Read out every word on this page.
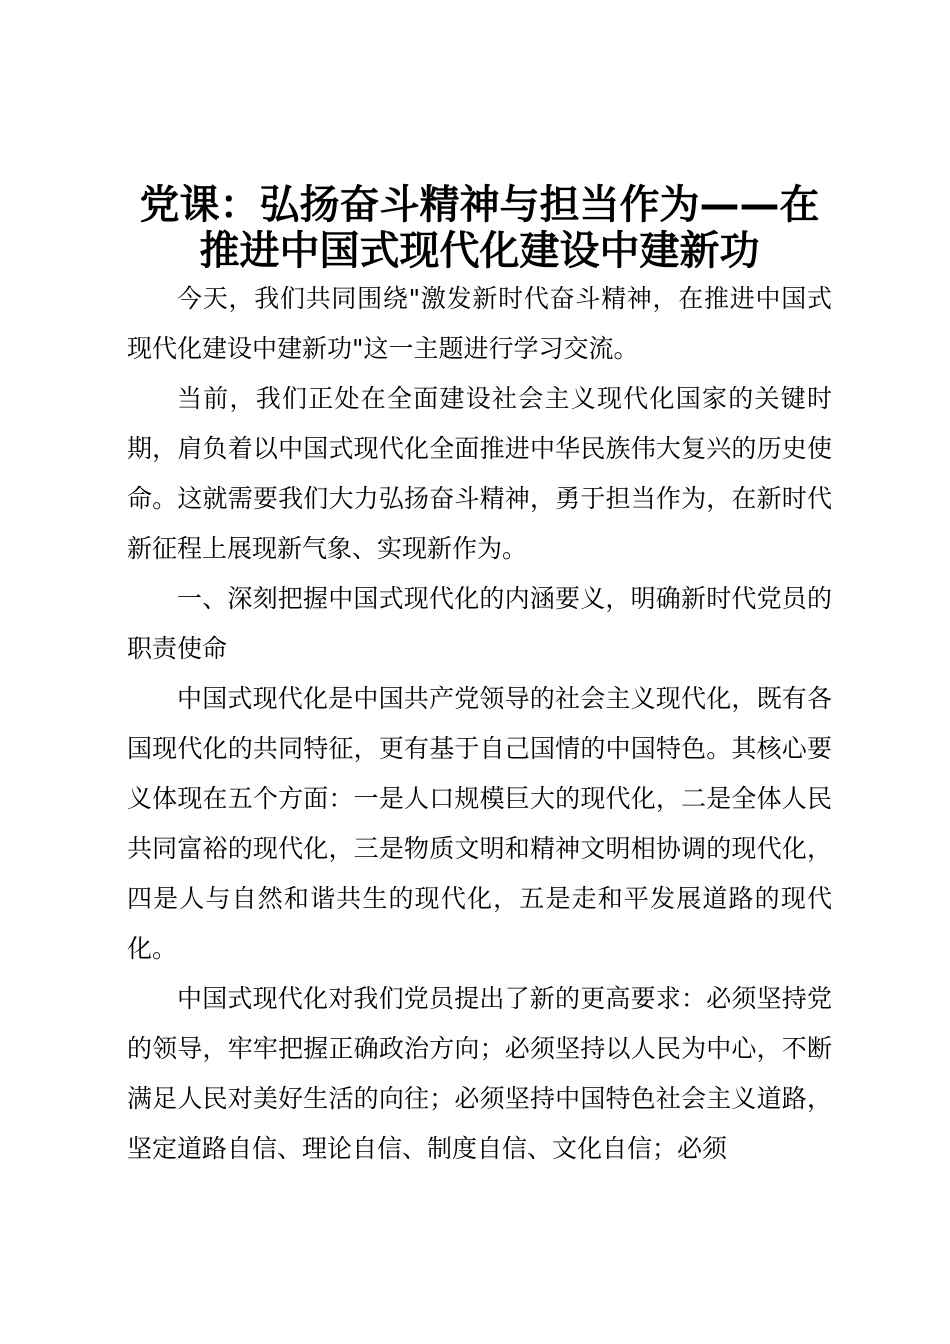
党课：弘扬奋斗精神与担当作为——在
推进中国式现代化建设中建新功

今天，我们共同围绕"激发新时代奋斗精神，在推进中国式现代化建设中建新功"这一主题进行学习交流。

当前，我们正处在全面建设社会主义现代化国家的关键时期，肩负着以中国式现代化全面推进中华民族伟大复兴的历史使命。这就需要我们大力弘扬奋斗精神，勇于担当作为，在新时代新征程上展现新气象、实现新作为。

一、深刻把握中国式现代化的内涵要义，明确新时代党员的职责使命

中国式现代化是中国共产党领导的社会主义现代化，既有各国现代化的共同特征，更有基于自己国情的中国特色。其核心要义体现在五个方面：一是人口规模巨大的现代化，二是全体人民共同富裕的现代化，三是物质文明和精神文明相协调的现代化，四是人与自然和谐共生的现代化，五是走和平发展道路的现代化。

中国式现代化对我们党员提出了新的更高要求：必须坚持党的领导，牢牢把握正确政治方向；必须坚持以人民为中心，不断满足人民对美好生活的向往；必须坚持中国特色社会主义道路，坚定道路自信、理论自信、制度自信、文化自信；必须
